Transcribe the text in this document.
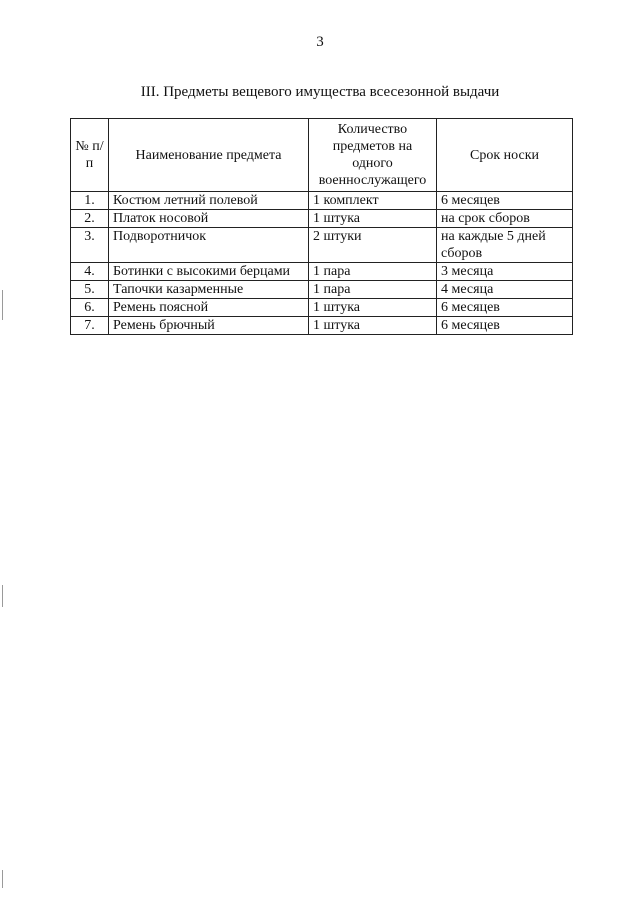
3
III. Предметы вещевого имущества всесезонной выдачи
№ п/п	Наименование предмета	Количество предметов на одного военнослужащего	Срок носки
1.	Костюм летний полевой	1 комплект	6 месяцев
2.	Платок носовой	1 штука	на срок сборов
3.	Подворотничок	2 штуки	на каждые 5 дней сборов
4.	Ботинки с высокими берцами	1 пара	3 месяца
5.	Тапочки казарменные	1 пара	4 месяца
6.	Ремень поясной	1 штука	6 месяцев
7.	Ремень брючный	1 штука	6 месяцев
